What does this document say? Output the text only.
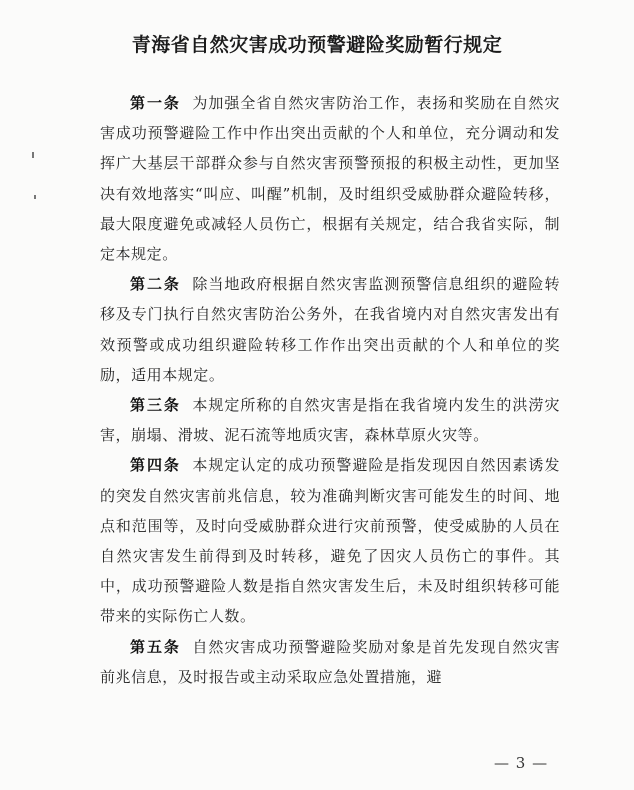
青海省自然灾害成功预警避险奖励暂行规定

第一条 为加强全省自然灾害防治工作，表扬和奖励在自然灾害成功预警避险工作中作出突出贡献的个人和单位，充分调动和发挥广大基层干部群众参与自然灾害预警预报的积极主动性，更加坚决有效地落实“叫应、叫醒”机制，及时组织受威胁群众避险转移，最大限度避免或减轻人员伤亡，根据有关规定，结合我省实际，制定本规定。

第二条 除当地政府根据自然灾害监测预警信息组织的避险转移及专门执行自然灾害防治公务外，在我省境内对自然灾害发出有效预警或成功组织避险转移工作作出突出贡献的个人和单位的奖励，适用本规定。

第三条 本规定所称的自然灾害是指在我省境内发生的洪涝灾害，崩塌、滑坡、泥石流等地质灾害，森林草原火灾等。

第四条 本规定认定的成功预警避险是指发现因自然因素诱发的突发自然灾害前兆信息，较为准确判断灾害可能发生的时间、地点和范围等，及时向受威胁群众进行灾前预警，使受威胁的人员在自然灾害发生前得到及时转移，避免了因灾人员伤亡的事件。其中，成功预警避险人数是指自然灾害发生后，未及时组织转移可能带来的实际伤亡人数。

第五条 自然灾害成功预警避险奖励对象是首先发现自然灾害前兆信息，及时报告或主动采取应急处置措施，避

— 3 —
